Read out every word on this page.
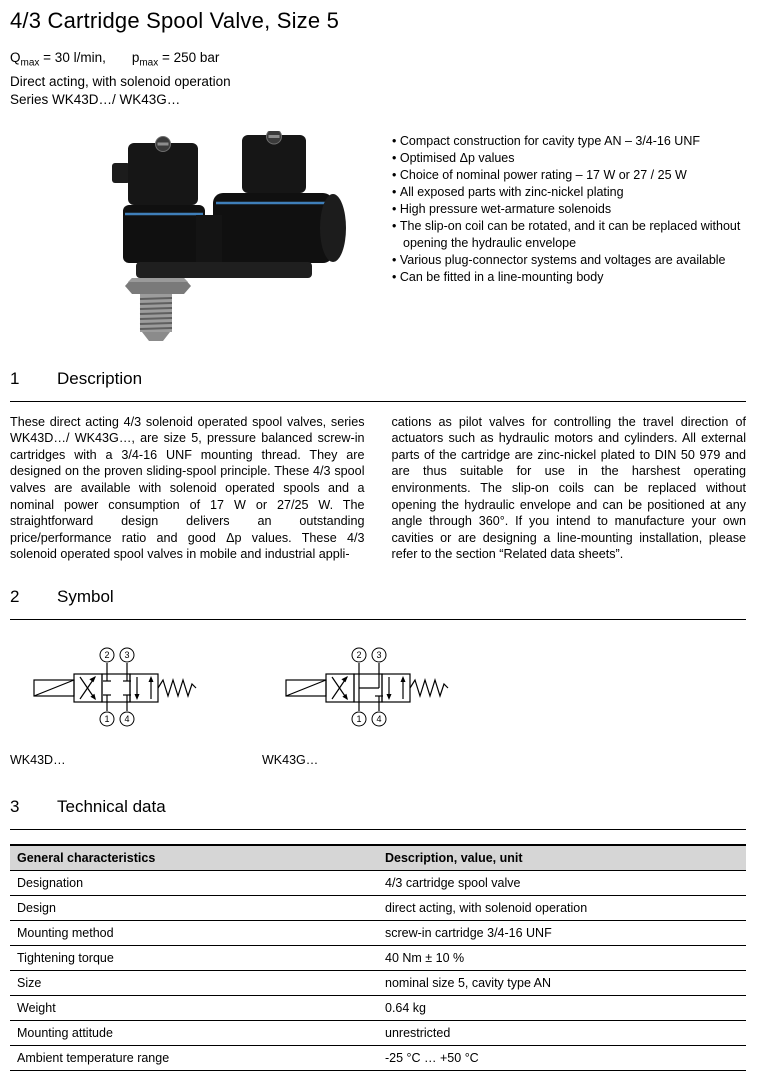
4/3 Cartridge Spool Valve, Size 5
$Q_{max} = 30$ l/min, $p_{max} = 250$ bar
Direct acting, with solenoid operation
Series WK43D…/ WK43G…
• Compact construction for cavity type AN – 3/4-16 UNF
• Optimised Δp values
• Choice of nominal power rating – 17 W or 27 / 25 W
• All exposed parts with zinc-nickel plating
• High pressure wet-armature solenoids
• The slip-on coil can be rotated, and it can be replaced without opening the hydraulic envelope
• Various plug-connector systems and voltages are available
• Can be fitted in a line-mounting body
1	Description
These direct acting 4/3 solenoid operated spool valves, series WK43D…/ WK43G…, are size 5, pressure balanced screw-in cartridges with a 3/4-16 UNF mounting thread. They are designed on the proven sliding-spool principle. These 4/3 spool valves are available with solenoid operated spools and a nominal power consumption of 17 W or 27/25 W. The straightforward design delivers an outstanding price/performance ratio and good Δp values. These 4/3 solenoid operated spool valves in mobile and industrial appli-
cations as pilot valves for controlling the travel direction of actuators such as hydraulic motors and cylinders. All external parts of the cartridge are zinc-nickel plated to DIN 50 979 and are thus suitable for use in the harshest operating environments. The slip-on coils can be replaced without opening the hydraulic envelope and can be positioned at any angle through 360°. If you intend to manufacture your own cavities or are designing a line-mounting installation, please refer to the section “Related data sheets”.
2	Symbol
2 3
1 4
WK43D…
2 3
1 4
WK43G…
3	Technical data
General characteristics	Description, value, unit
Designation	4/3 cartridge spool valve
Design	direct acting, with solenoid operation
Mounting method	screw-in cartridge 3/4-16 UNF
Tightening torque	40 Nm ± 10 %
Size	nominal size 5, cavity type AN
Weight	0.64 kg
Mounting attitude	unrestricted
Ambient temperature range	-25 °C … +50 °C
